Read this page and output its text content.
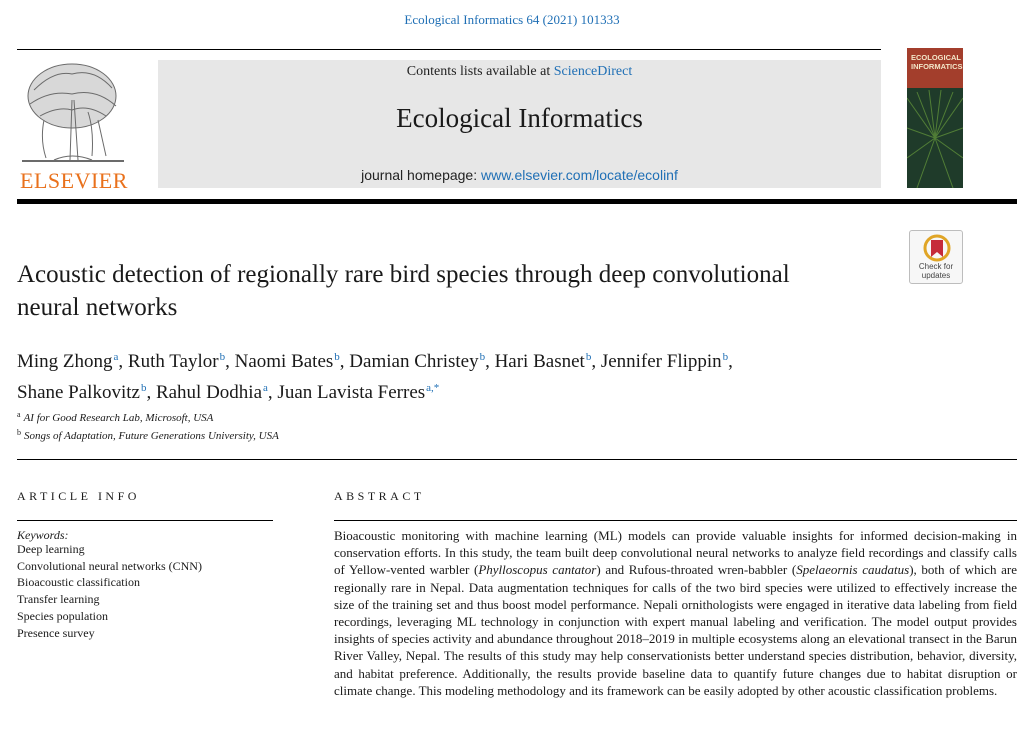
Ecological Informatics 64 (2021) 101333
ELSEVIER
Contents lists available at ScienceDirect
Ecological Informatics
journal homepage: www.elsevier.com/locate/ecolinf
ECOLOGICAL INFORMATICS
Check for updates
Acoustic detection of regionally rare bird species through deep convolutional neural networks
Ming Zhong$^a$, Ruth Taylor$^b$, Naomi Bates$^b$, Damian Christey$^b$, Hari Basnet$^b$, Jennifer Flippin$^b$,
Shane Palkovitz$^b$, Rahul Dodhia$^a$, Juan Lavista Ferres$^{a,*}$
$^a$ AI for Good Research Lab, Microsoft, USA
$^b$ Songs of Adaptation, Future Generations University, USA
ARTICLE INFO
Keywords:
Deep learning
Convolutional neural networks (CNN)
Bioacoustic classification
Transfer learning
Species population
Presence survey
ABSTRACT

Bioacoustic monitoring with machine learning (ML) models can provide valuable insights for informed decision-making in conservation efforts. In this study, the team built deep convolutional neural networks to analyze field recordings and classify calls of Yellow-vented warbler (Phylloscopus cantator) and Rufous-throated wren-babbler (Spelaeornis caudatus), both of which are regionally rare in Nepal. Data augmentation techniques for calls of the two bird species were utilized to effectively increase the size of the training set and thus boost model performance. Nepali ornithologists were engaged in iterative data labeling from field recordings, leveraging ML technology in conjunction with expert manual labeling and verification. The model output provides insights of species activity and abundance throughout 2018–2019 in multiple ecosystems along an elevational transect in the Barun River Valley, Nepal. The results of this study may help conservationists better understand species distribution, behavior, diversity, and habitat preference. Additionally, the results provide baseline data to quantify future changes due to habitat disruption or climate change. This modeling methodology and its framework can be easily adopted by other acoustic classification problems.
